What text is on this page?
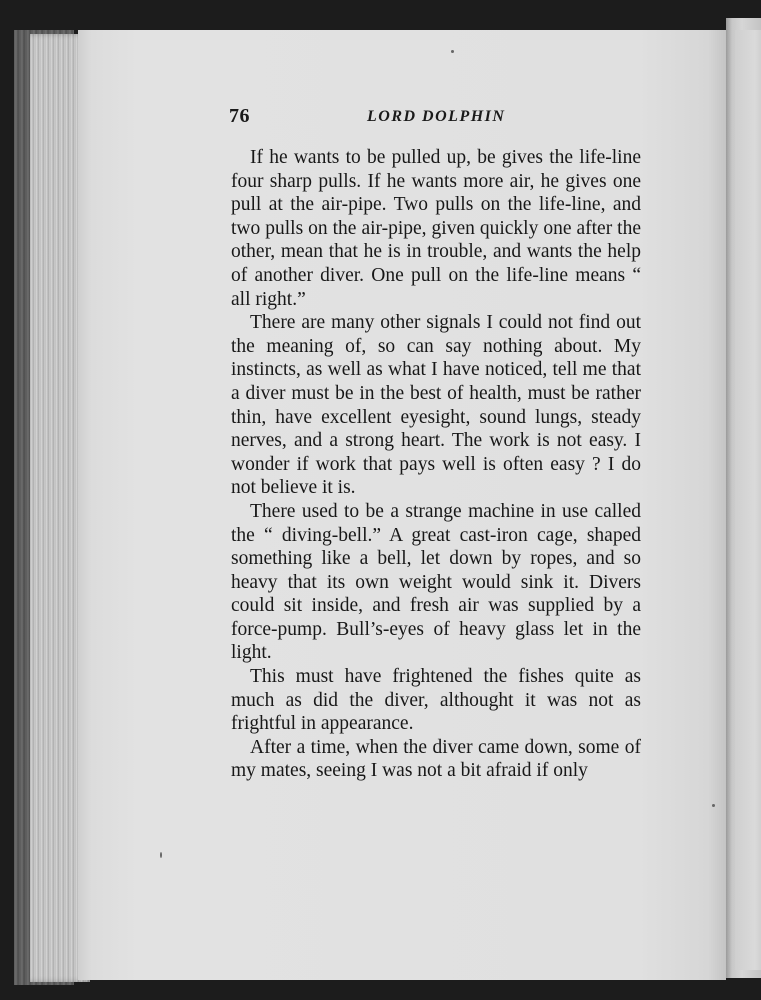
76	LORD DOLPHIN

If he wants to be pulled up, be gives the life-line four sharp pulls. If he wants more air, he gives one pull at the air-pipe. Two pulls on the life-line, and two pulls on the air-pipe, given quickly one after the other, mean that he is in trouble, and wants the help of another diver. One pull on the life-line means “ all right.”

There are many other signals I could not find out the meaning of, so can say nothing about. My instincts, as well as what I have noticed, tell me that a diver must be in the best of health, must be rather thin, have excellent eyesight, sound lungs, steady nerves, and a strong heart. The work is not easy. I wonder if work that pays well is often easy ? I do not believe it is.

There used to be a strange machine in use called the “ diving-bell.” A great cast-iron cage, shaped something like a bell, let down by ropes, and so heavy that its own weight would sink it. Divers could sit inside, and fresh air was supplied by a force-pump. Bull’s-eyes of heavy glass let in the light.

This must have frightened the fishes quite as much as did the diver, althought it was not as frightful in appearance.

After a time, when the diver came down, some of my mates, seeing I was not a bit afraid if only
